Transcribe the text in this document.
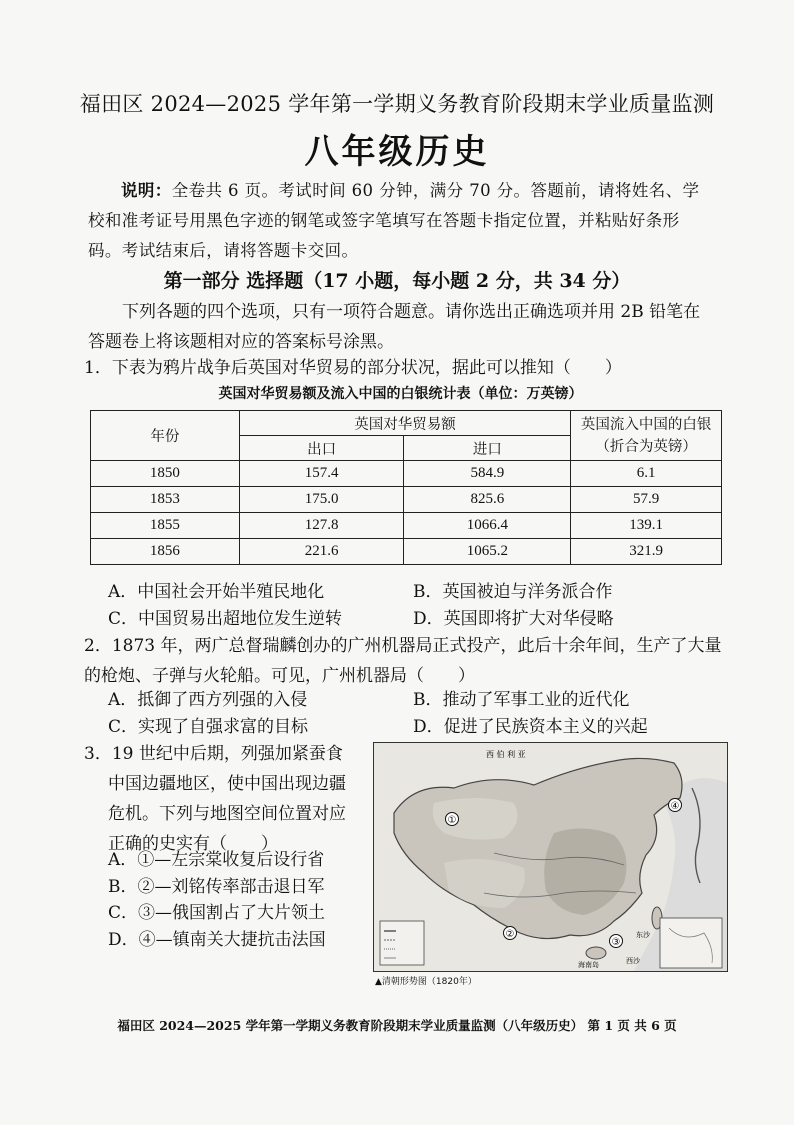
福田区 2024—2025 学年第一学期义务教育阶段期末学业质量监测
八年级历史
说明：全卷共 6 页。考试时间 60 分钟，满分 70 分。答题前，请将姓名、学校和准考证号用黑色字迹的钢笔或签字笔填写在答题卡指定位置，并粘贴好条形码。考试结束后，请将答题卡交回。
第一部分 选择题（17 小题，每小题 2 分，共 34 分）
下列各题的四个选项，只有一项符合题意。请你选出正确选项并用 2B 铅笔在答题卷上将该题相对应的答案标号涂黑。
1．下表为鸦片战争后英国对华贸易的部分状况，据此可以推知（　　）
英国对华贸易额及流入中国的白银统计表（单位：万英镑）
年份	英国对华贸易额		英国流入中国的白银
（折合为英镑）

	出口	进口	
1850	157.4	584.9	6.1
1853	175.0	825.6	57.9
1855	127.8	1066.4	139.1
1856	221.6	1065.2	321.9
A．中国社会开始半殖民地化	B．英国被迫与洋务派合作
C．中国贸易出超地位发生逆转	D．英国即将扩大对华侵略
2．1873 年，两广总督瑞麟创办的广州机器局正式投产，此后十余年间，生产了大量的枪炮、子弹与火轮船。可见，广州机器局（　　）
A．抵御了西方列强的入侵	B．推动了军事工业的近代化
C．实现了自强求富的目标	D．促进了民族资本主义的兴起
3．19 世纪中后期，列强加紧蚕食
中国边疆地区，使中国出现边疆
危机。下列与地图空间位置对应
正确的史实有（　　）
A．①—左宗棠收复后设行省
B．②—刘铭传率部击退日军
C．③—俄国割占了大片领土
D．④—镇南关大捷抗击法国
①
②
③
④
西 伯 利 亚
海南岛
东沙
西沙
▲清朝形势图（1820年）
福田区 2024—2025 学年第一学期义务教育阶段期末学业质量监测（八年级历史） 第 1 页 共 6 页
